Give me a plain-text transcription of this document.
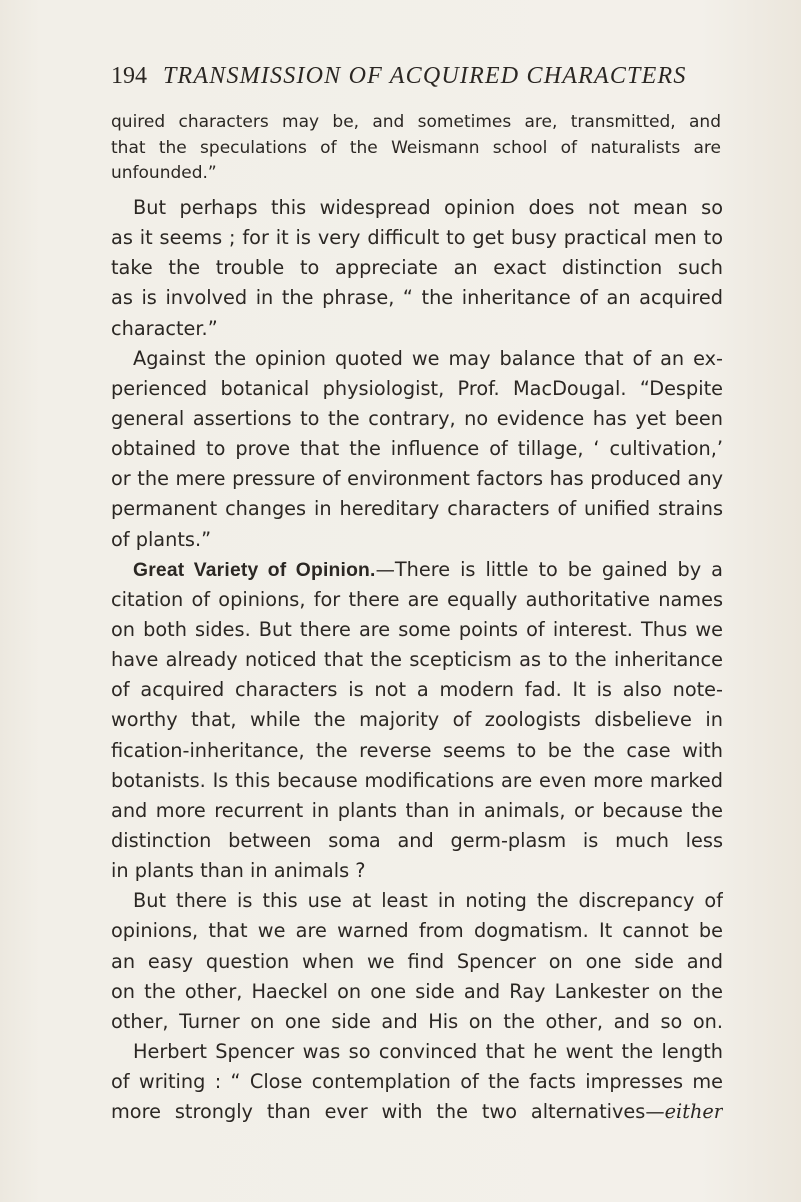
194 TRANSMISSION OF ACQUIRED CHARACTERS
quired characters may be, and sometimes are, transmitted, and
that the speculations of the Weismann school of naturalists are
unfounded.”
But perhaps this widespread opinion does not mean so
as it seems ; for it is very difficult to get busy practical men to
take the trouble to appreciate an exact distinction such
as is involved in the phrase, “ the inheritance of an acquired
character.”
Against the opinion quoted we may balance that of an ex-
perienced botanical physiologist, Prof. MacDougal. “Despite
general assertions to the contrary, no evidence has yet been
obtained to prove that the influence of tillage, ‘ cultivation,’
or the mere pressure of environment factors has produced any
permanent changes in hereditary characters of unified strains
of plants.”
Great Variety of Opinion.—There is little to be gained by a
citation of opinions, for there are equally authoritative names
on both sides. But there are some points of interest. Thus we
have already noticed that the scepticism as to the inheritance
of acquired characters is not a modern fad. It is also note-
worthy that, while the majority of zoologists disbelieve in
fication-inheritance, the reverse seems to be the case with
botanists. Is this because modifications are even more marked
and more recurrent in plants than in animals, or because the
distinction between soma and germ-plasm is much less
in plants than in animals ?
But there is this use at least in noting the discrepancy of
opinions, that we are warned from dogmatism. It cannot be
an easy question when we find Spencer on one side and
on the other, Haeckel on one side and Ray Lankester on the
other, Turner on one side and His on the other, and so on.
Herbert Spencer was so convinced that he went the length
of writing : “ Close contemplation of the facts impresses me
more strongly than ever with the two alternatives—either
